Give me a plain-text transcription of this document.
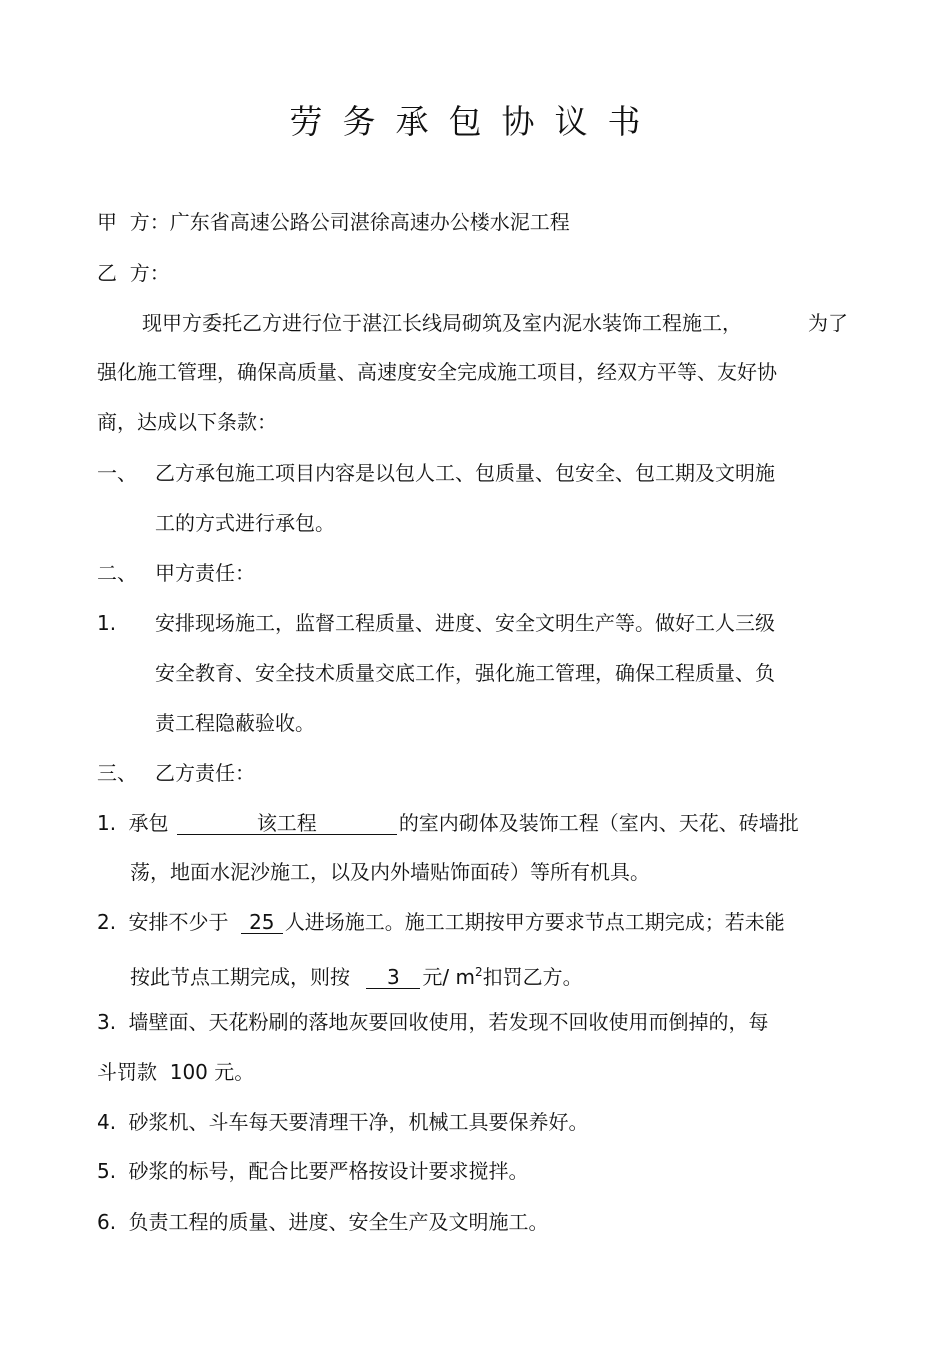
劳务承包协议书
甲  方：广东省高速公路公司湛徐高速办公楼水泥工程
乙  方：
现甲方委托乙方进行位于湛江长线局砌筑及室内泥水装饰工程施工，	为了
强化施工管理，确保高质量、高速度安全完成施工项目，经双方平等、友好协
商，达成以下条款：
一、 乙方承包施工项目内容是以包人工、包质量、包安全、包工期及文明施
工的方式进行承包。
二、 甲方责任：
1. 安排现场施工，监督工程质量、进度、安全文明生产等。做好工人三级
安全教育、安全技术质量交底工作，强化施工管理，确保工程质量、负
责工程隐蔽验收。
三、 乙方责任：
1. 承包	该工程	的室内砌体及装饰工程（室内、天花、砖墙批
荡，地面水泥沙施工，以及内外墙贴饰面砖）等所有机具。
2. 安排不少于 25 人进场施工。施工工期按甲方要求节点工期完成；若未能
按此节点工期完成，则按 3 元/ $m^2$扣罚乙方。
3. 墙壁面、天花粉刷的落地灰要回收使用，若发现不回收使用而倒掉的，每
斗罚款  100 元。
4. 砂浆机、斗车每天要清理干净，机械工具要保养好。
5. 砂浆的标号，配合比要严格按设计要求搅拌。
6. 负责工程的质量、进度、安全生产及文明施工。
